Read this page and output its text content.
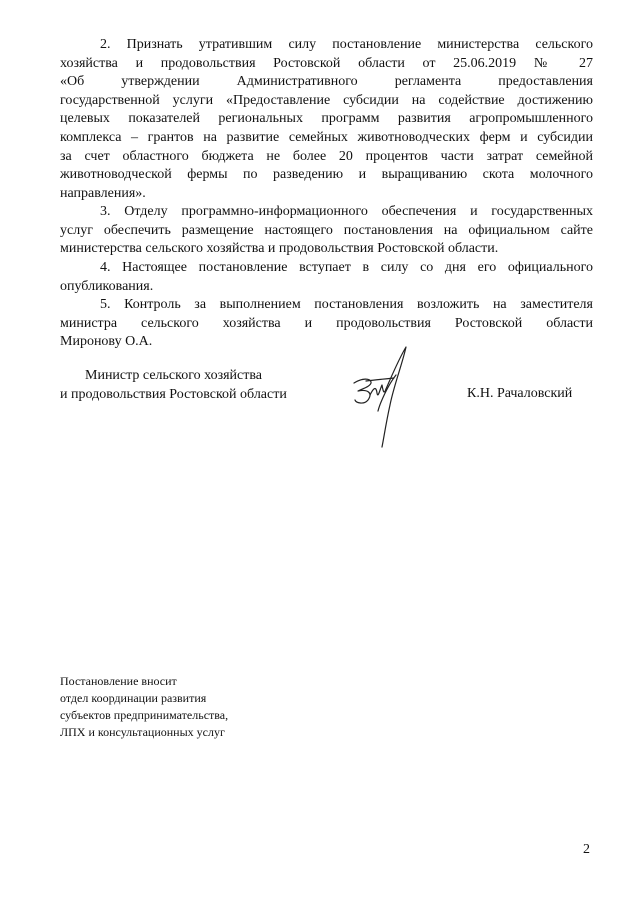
2. Признать утратившим силу постановление министерства сельского
хозяйства и продовольствия Ростовской области от 25.06.2019 № 27
«Об утверждении Административного регламента предоставления
государственной услуги «Предоставление субсидии на содействие достижению
целевых показателей региональных программ развития агропромышленного
комплекса – грантов на развитие семейных животноводческих ферм и субсидии
за счет областного бюджета не более 20 процентов части затрат семейной
животноводческой фермы по разведению и выращиванию скота молочного
направления».
3. Отделу программно-информационного обеспечения и государственных
услуг обеспечить размещение настоящего постановления на официальном сайте
министерства сельского хозяйства и продовольствия Ростовской области.
4. Настоящее постановление вступает в силу со дня его официального
опубликования.
5. Контроль за выполнением постановления возложить на заместителя
министра сельского хозяйства и продовольствия Ростовской области
Миронову О.А.
Министр сельского хозяйства
и продовольствия Ростовской области	К.Н. Рачаловский
Постановление вносит
отдел координации развития
субъектов предпринимательства,
ЛПХ и консультационных услуг
2
